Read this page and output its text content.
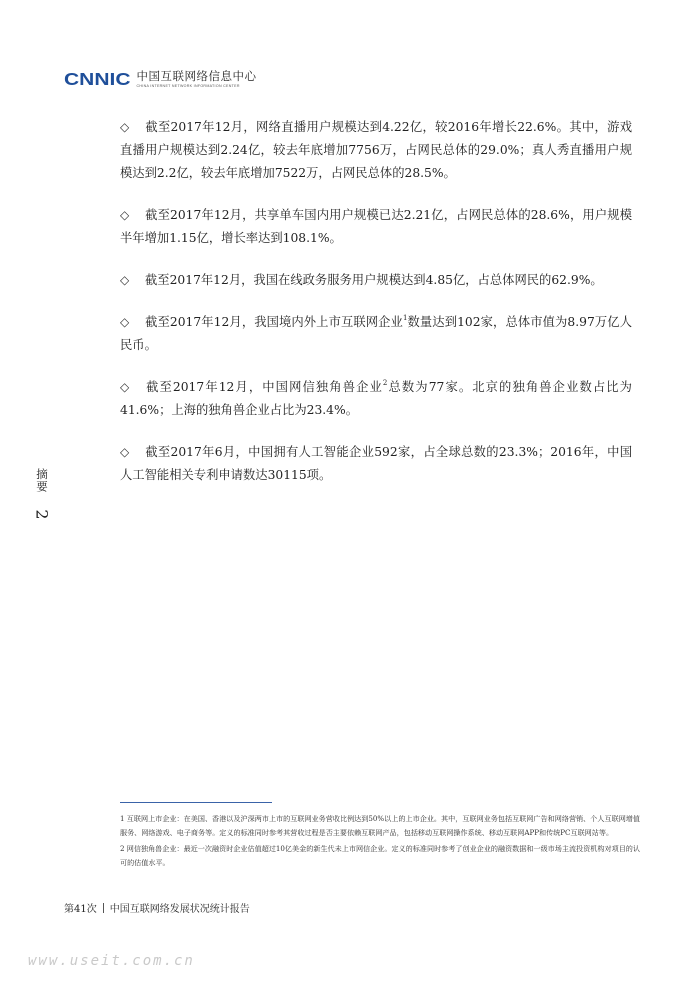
CNNIC 中国互联网络信息中心
CHINA INTERNET NETWORK INFORMATION CENTER

◇ 截至2017年12月，网络直播用户规模达到4.22亿，较2016年增长22.6%。其中，游戏直播用户规模达到2.24亿，较去年底增加7756万，占网民总体的29.0%；真人秀直播用户规模达到2.2亿，较去年底增加7522万，占网民总体的28.5%。

◇ 截至2017年12月，共享单车国内用户规模已达2.21亿，占网民总体的28.6%，用户规模半年增加1.15亿，增长率达到108.1%。

◇ 截至2017年12月，我国在线政务服务用户规模达到4.85亿，占总体网民的62.9%。

◇ 截至2017年12月，我国境内外上市互联网企业$^1$数量达到102家，总体市值为8.97万亿人民币。

◇ 截至2017年12月，中国网信独角兽企业$^2$总数为77家。北京的独角兽企业数占比为41.6%；上海的独角兽企业占比为23.4%。

◇ 截至2017年6月，中国拥有人工智能企业592家，占全球总数的23.3%；2016年，中国人工智能相关专利申请数达30115项。

摘要
2

1 互联网上市企业：在美国、香港以及沪深两市上市的互联网业务营收比例达到50%以上的上市企业。其中，互联网业务包括互联网广告和网络营销、个人互联网增值服务、网络游戏、电子商务等。定义的标准同时参考其营收过程是否主要依赖互联网产品，包括移动互联网操作系统、移动互联网APP和传统PC互联网站等。

2 网信独角兽企业：最近一次融资时企业估值超过10亿美金的新生代未上市网信企业。定义的标准同时参考了创业企业的融资数据和一级市场主流投资机构对项目的认可的估值水平。

第41次 中国互联网络发展状况统计报告
www.useit.com.cn
